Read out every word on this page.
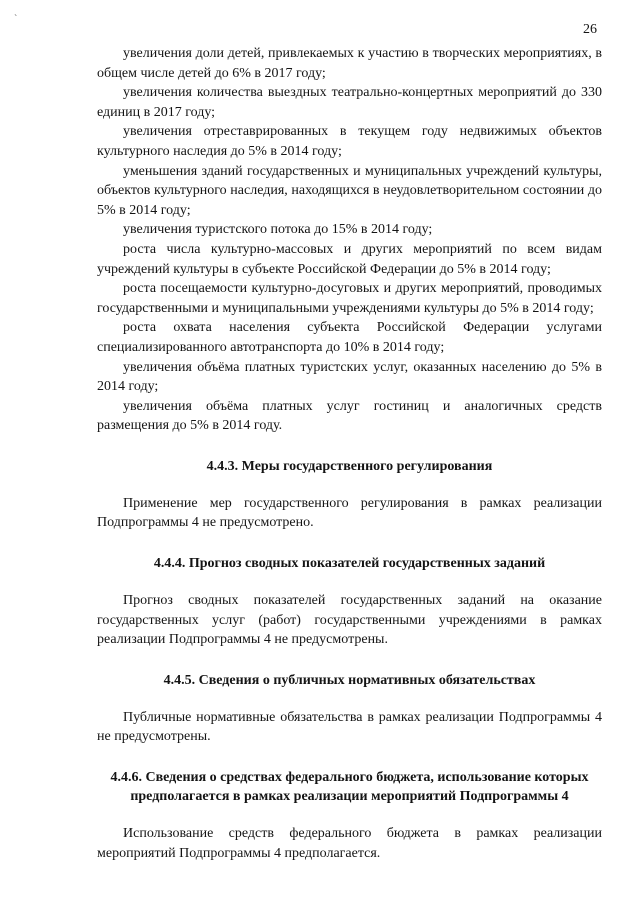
`
26

увеличения доли детей, привлекаемых к участию в творческих мероприятиях, в общем числе детей до 6% в 2017 году;

увеличения количества выездных театрально-концертных мероприятий до 330 единиц в 2017 году;

увеличения отреставрированных в текущем году недвижимых объектов культурного наследия до 5% в 2014 году;

уменьшения зданий государственных и муниципальных учреждений культуры, объектов культурного наследия, находящихся в неудовлетворительном состоянии до 5% в 2014 году;

увеличения туристского потока до 15% в 2014 году;

роста числа культурно-массовых и других мероприятий по всем видам учреждений культуры в субъекте Российской Федерации до 5% в 2014 году;

роста посещаемости культурно-досуговых и других мероприятий, проводимых государственными и муниципальными учреждениями культуры до 5% в 2014 году;

роста охвата населения субъекта Российской Федерации услугами специализированного автотранспорта до 10% в 2014 году;

увеличения объёма платных туристских услуг, оказанных населению до 5% в 2014 году;

увеличения объёма платных услуг гостиниц и аналогичных средств размещения до 5% в 2014 году.

4.4.3. Меры государственного регулирования

Применение мер государственного регулирования в рамках реализации Подпрограммы 4 не предусмотрено.

4.4.4. Прогноз сводных показателей государственных заданий

Прогноз сводных показателей государственных заданий на оказание государственных услуг (работ) государственными учреждениями в рамках реализации Подпрограммы 4 не предусмотрены.

4.4.5. Сведения о публичных нормативных обязательствах

Публичные нормативные обязательства в рамках реализации Подпрограммы 4 не предусмотрены.

4.4.6. Сведения о средствах федерального бюджета, использование которых предполагается в рамках реализации мероприятий Подпрограммы 4

Использование средств федерального бюджета в рамках реализации мероприятий Подпрограммы 4 предполагается.
